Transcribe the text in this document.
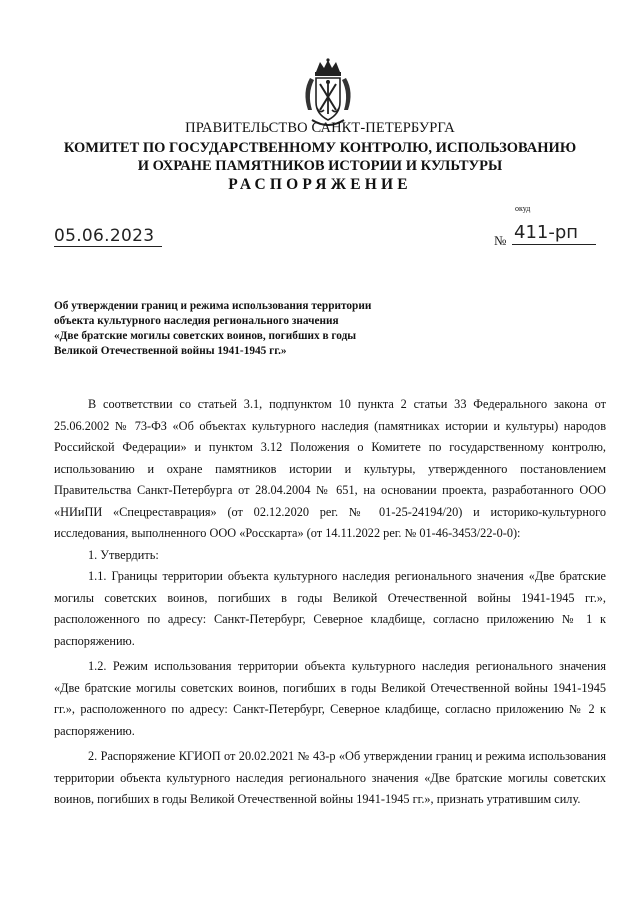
ПРАВИТЕЛЬСТВО САНКТ-ПЕТЕРБУРГА
КОМИТЕТ ПО ГОСУДАРСТВЕННОМУ КОНТРОЛЮ, ИСПОЛЬЗОВАНИЮ
И ОХРАНЕ ПАМЯТНИКОВ ИСТОРИИ И КУЛЬТУРЫ
РАСПОРЯЖЕНИЕ
окуд
05.06.2023	№ 411-рп
Об утверждении границ и режима использования территории
объекта культурного наследия регионального значения
«Две братские могилы советских воинов, погибших в годы
Великой Отечественной войны 1941-1945 гг.»

В соответствии со статьей 3.1, подпунктом 10 пункта 2 статьи 33 Федерального закона от 25.06.2002 № 73-ФЗ «Об объектах культурного наследия (памятниках истории и культуры) народов Российской Федерации» и пунктом 3.12 Положения о Комитете по государственному контролю, использованию и охране памятников истории и культуры, утвержденного постановлением Правительства Санкт-Петербурга от 28.04.2004 № 651, на основании проекта, разработанного ООО «НИиПИ «Спецреставрация» (от 02.12.2020 рег. № 01-25-24194/20) и историко-культурного исследования, выполненного ООО «Росскарта» (от 14.11.2022 рег. № 01-46-3453/22-0-0):

1. Утвердить:

1.1. Границы территории объекта культурного наследия регионального значения «Две братские могилы советских воинов, погибших в годы Великой Отечественной войны 1941-1945 гг.», расположенного по адресу: Санкт-Петербург, Северное кладбище, согласно приложению № 1 к распоряжению.

1.2. Режим использования территории объекта культурного наследия регионального значения «Две братские могилы советских воинов, погибших в годы Великой Отечественной войны 1941-1945 гг.», расположенного по адресу: Санкт-Петербург, Северное кладбище, согласно приложению № 2 к распоряжению.

2. Распоряжение КГИОП от 20.02.2021 № 43-р «Об утверждении границ и режима использования территории объекта культурного наследия регионального значения «Две братские могилы советских воинов, погибших в годы Великой Отечественной войны 1941-1945 гг.», признать утратившим силу.
